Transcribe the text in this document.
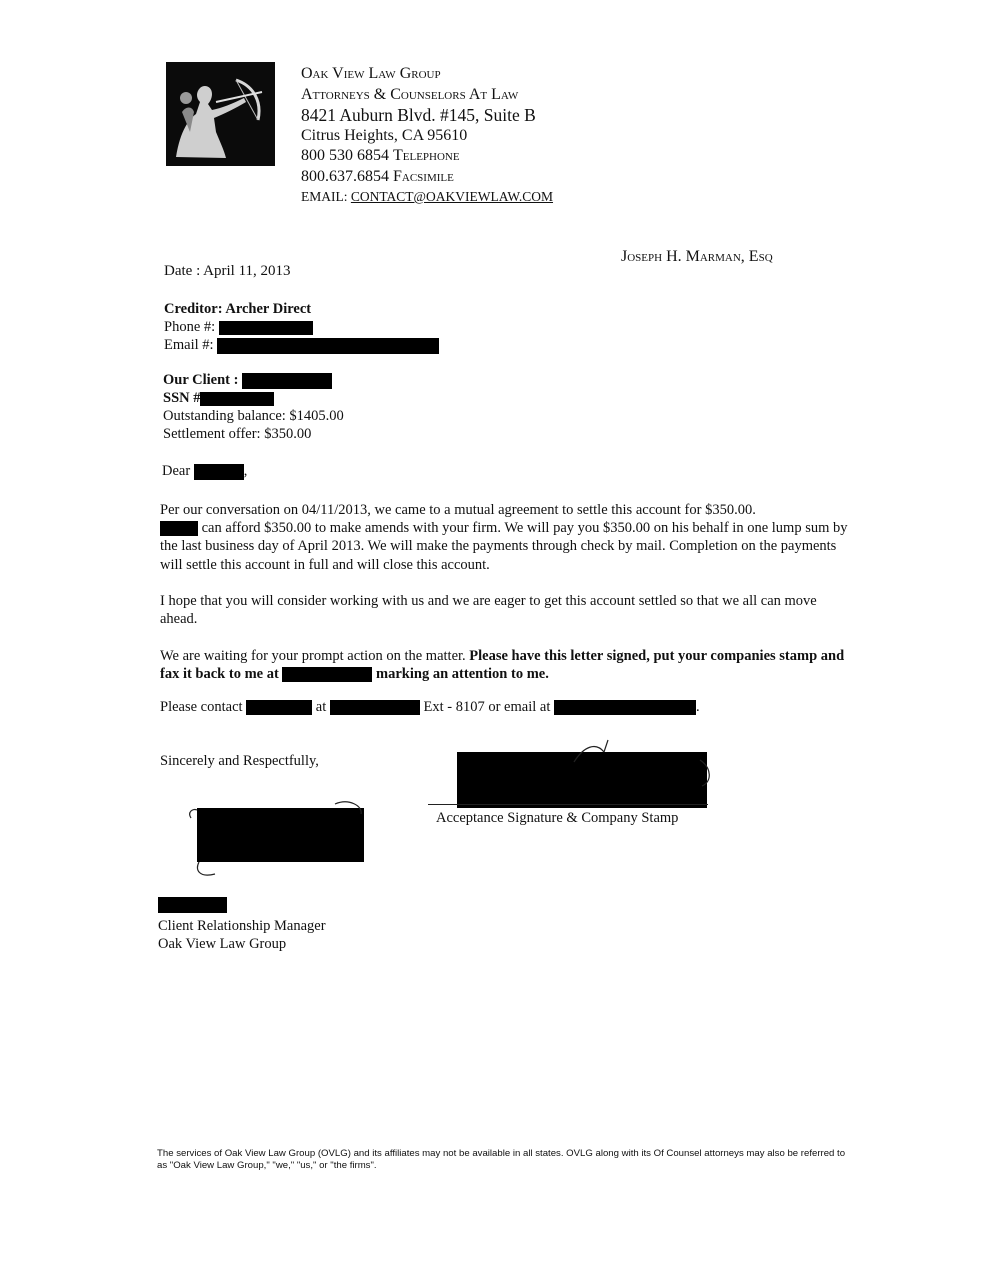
Oak View Law Group
Attorneys & Counselors At Law
8421 Auburn Blvd. #145, Suite B
Citrus Heights, CA 95610
800 530 6854 Telephone
800.637.6854 Facsimile
EMAIL: CONTACT@OAKVIEWLAW.COM
Joseph H. Marman, Esq
Date : April 11, 2013
Creditor: Archer Direct
Phone #:
Email #:
Our Client :
SSN #
Outstanding balance: $1405.00
Settlement offer: $350.00
Dear	,

Per our conversation on 04/11/2013, we came to a mutual agreement to settle this account for $350.00.
can afford $350.00 to make amends with your firm. We will pay you $350.00 on his behalf in one lump sum by the last business day of April 2013. We will make the payments through check by mail. Completion on the payments will settle this account in full and will close this account.

I hope that you will consider working with us and we are eager to get this account settled so that we all can move ahead.

We are waiting for your prompt action on the matter. Please have this letter signed, put your companies stamp and fax it back to me at	marking an attention to me.

Please contact	at	Ext - 8107 or email at	.
Sincerely and Respectfully,
Acceptance Signature & Company Stamp
Client Relationship Manager
Oak View Law Group
The services of Oak View Law Group (OVLG) and its affiliates may not be available in all states. OVLG along with its Of Counsel attorneys may also be referred to as "Oak View Law Group," "we," "us," or "the firms".
